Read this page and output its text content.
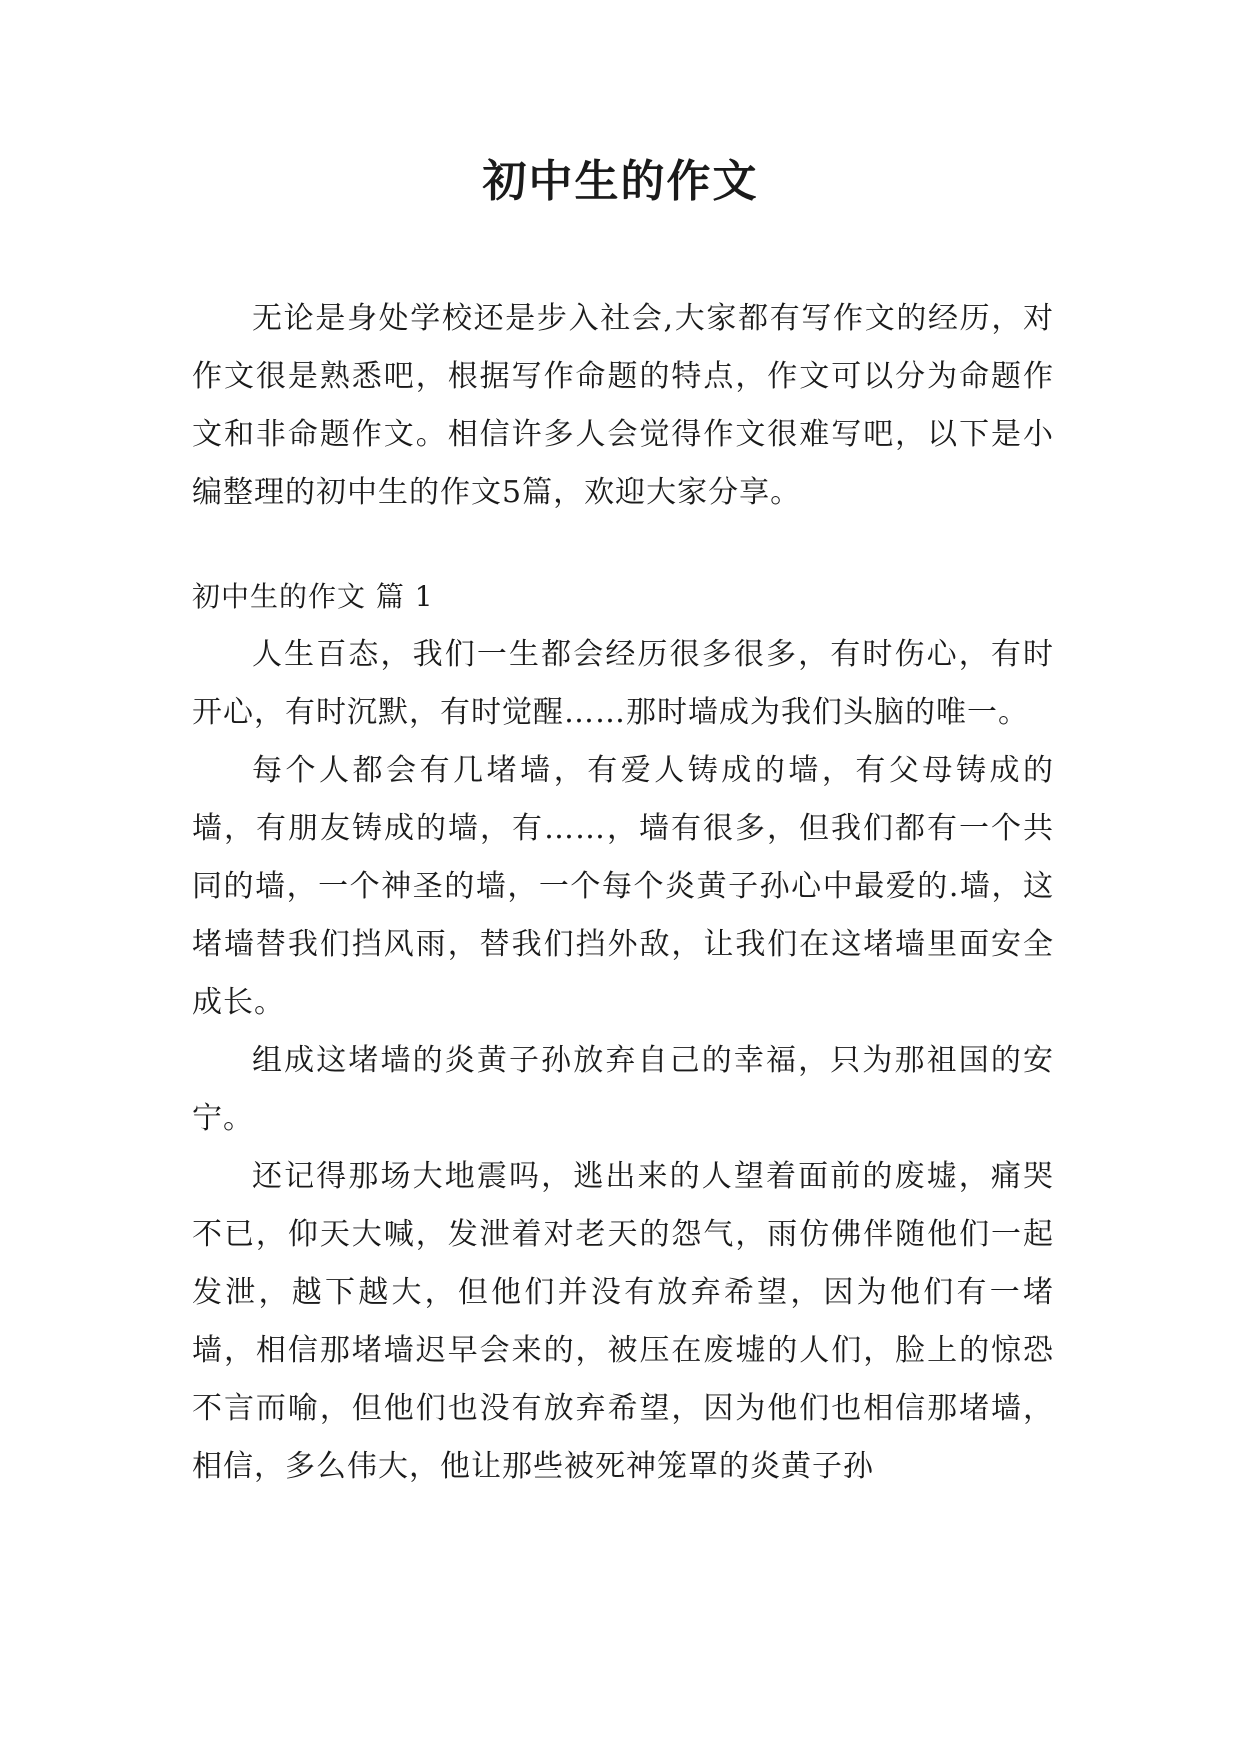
初中生的作文

无论是身处学校还是步入社会,大家都有写作文的经历，对作文很是熟悉吧，根据写作命题的特点，作文可以分为命题作文和非命题作文。相信许多人会觉得作文很难写吧，以下是小编整理的初中生的作文5篇，欢迎大家分享。

初中生的作文 篇 1

人生百态，我们一生都会经历很多很多，有时伤心，有时开心，有时沉默，有时觉醒……那时墙成为我们头脑的唯一。

每个人都会有几堵墙，有爱人铸成的墙，有父母铸成的墙，有朋友铸成的墙，有……，墙有很多，但我们都有一个共同的墙，一个神圣的墙，一个每个炎黄子孙心中最爱的.墙，这堵墙替我们挡风雨，替我们挡外敌，让我们在这堵墙里面安全成长。

组成这堵墙的炎黄子孙放弃自己的幸福，只为那祖国的安宁。

还记得那场大地震吗，逃出来的人望着面前的废墟，痛哭不已，仰天大喊，发泄着对老天的怨气，雨仿佛伴随他们一起发泄，越下越大，但他们并没有放弃希望，因为他们有一堵墙，相信那堵墙迟早会来的，被压在废墟的人们，脸上的惊恐不言而喻，但他们也没有放弃希望，因为他们也相信那堵墙，相信，多么伟大，他让那些被死神笼罩的炎黄子孙
